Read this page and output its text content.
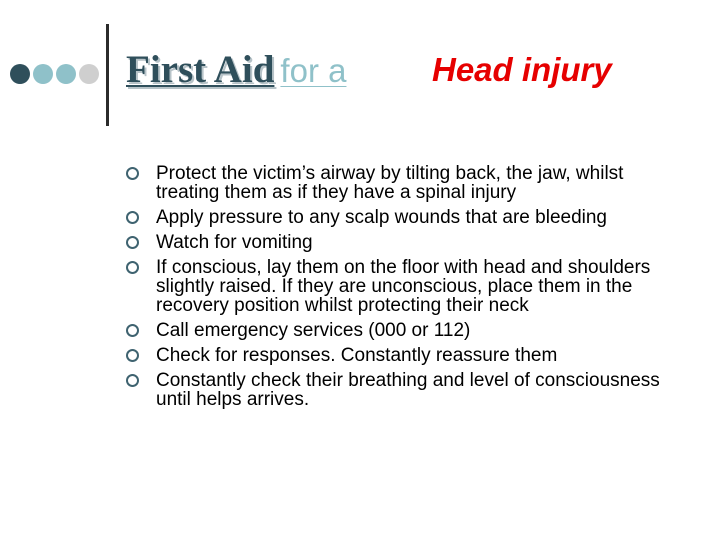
First Aid for a	Head injury
Protect the victim’s airway by tilting back, the jaw, whilst treating them as if they have a spinal injury
Apply pressure to any scalp wounds that are bleeding
Watch for vomiting
If conscious, lay them on the floor with head and shoulders slightly raised. If they are unconscious, place them in the recovery position whilst protecting their neck
Call emergency services (000 or 112)
Check for responses. Constantly reassure them
Constantly check their breathing and level of consciousness until helps arrives.
